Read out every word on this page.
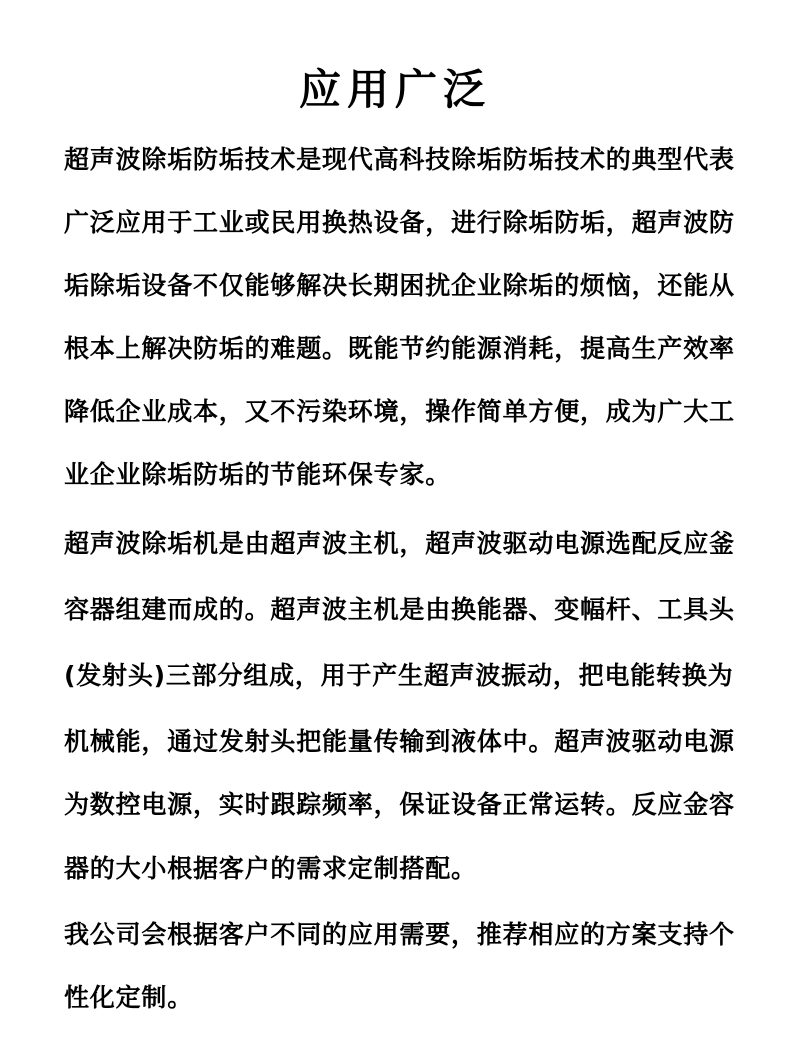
应用广泛
超声波除垢防垢技术是现代高科技除垢防垢技术的典型代表
广泛应用于工业或民用换热设备，进行除垢防垢，超声波防
垢除垢设备不仅能够解决长期困扰企业除垢的烦恼，还能从
根本上解决防垢的难题。既能节约能源消耗，提高生产效率
降低企业成本，又不污染环境，操作简单方便，成为广大工
业企业除垢防垢的节能环保专家。
超声波除垢机是由超声波主机，超声波驱动电源选配反应釜
容器组建而成的。超声波主机是由换能器、变幅杆、工具头
(发射头)三部分组成，用于产生超声波振动，把电能转换为
机械能，通过发射头把能量传输到液体中。超声波驱动电源
为数控电源，实时跟踪频率，保证设备正常运转。反应金容
器的大小根据客户的需求定制搭配。
我公司会根据客户不同的应用需要，推荐相应的方案支持个
性化定制。
